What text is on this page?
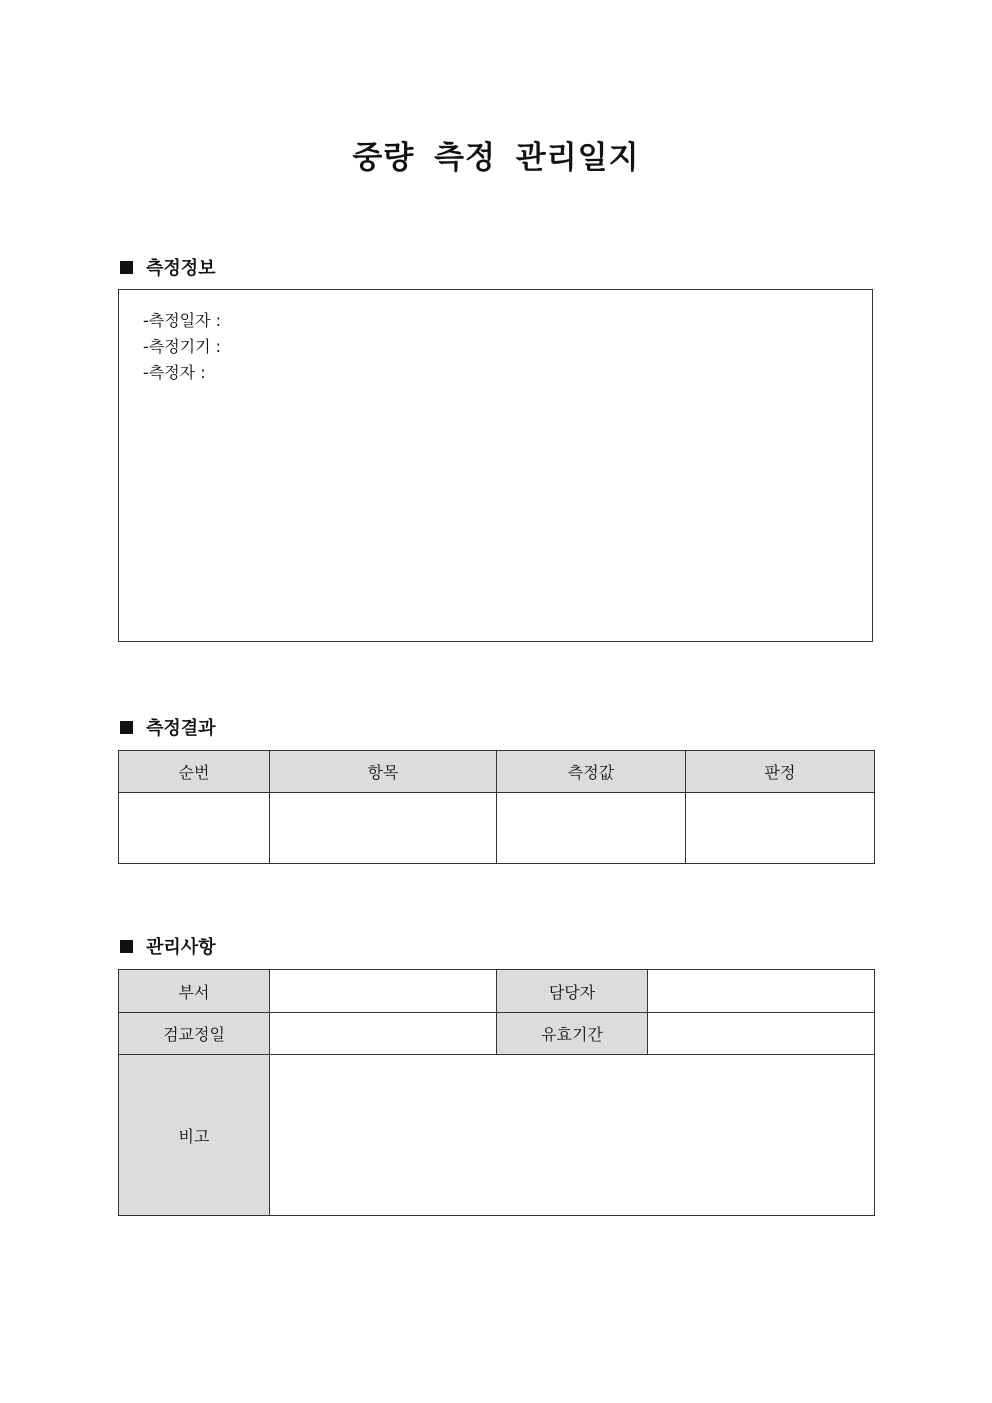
중량 측정 관리일지
측정정보
-측정일자 :
-측정기기 :
-측정자 :
측정결과
순번	항목	측정값	판정

관리사항
부서		담당자	
검교정일		유효기간	
비고			
